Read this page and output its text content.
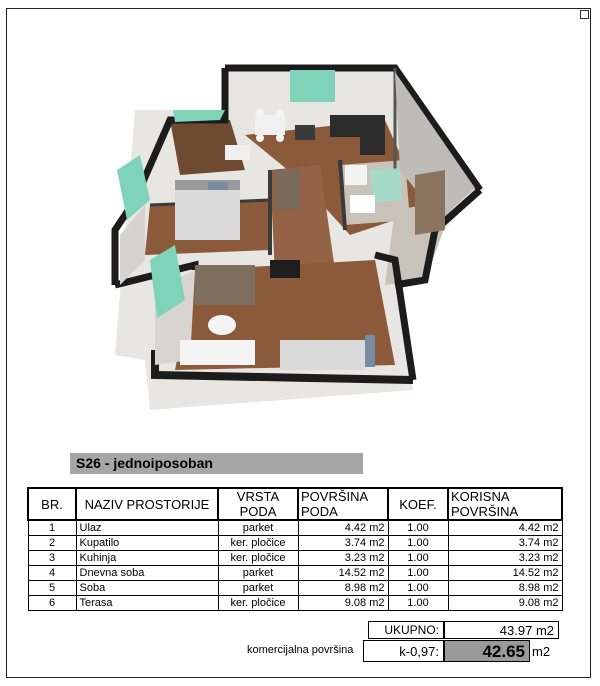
S26 - jednoiposoban
BR.	NAZIV PROSTORIJE	VRSTA PODA	POVRŠINA PODA	KOEF.	KORISNA POVRŠINA
1	Ulaz	parket	4.42 m2	1.00	4.42 m2
2	Kupatilo	ker. pločice	3.74 m2	1.00	3.74 m2
3	Kuhinja	ker. pločice	3.23 m2	1.00	3.23 m2
4	Dnevna soba	parket	14.52 m2	1.00	14.52 m2
5	Soba	parket	8.98 m2	1.00	8.98 m2
6	Terasa	ker. pločice	9.08 m2	1.00	9.08 m2
UKUPNO:	43.97 m2
komercijalna površina	k-0,97:	42.65 m2
